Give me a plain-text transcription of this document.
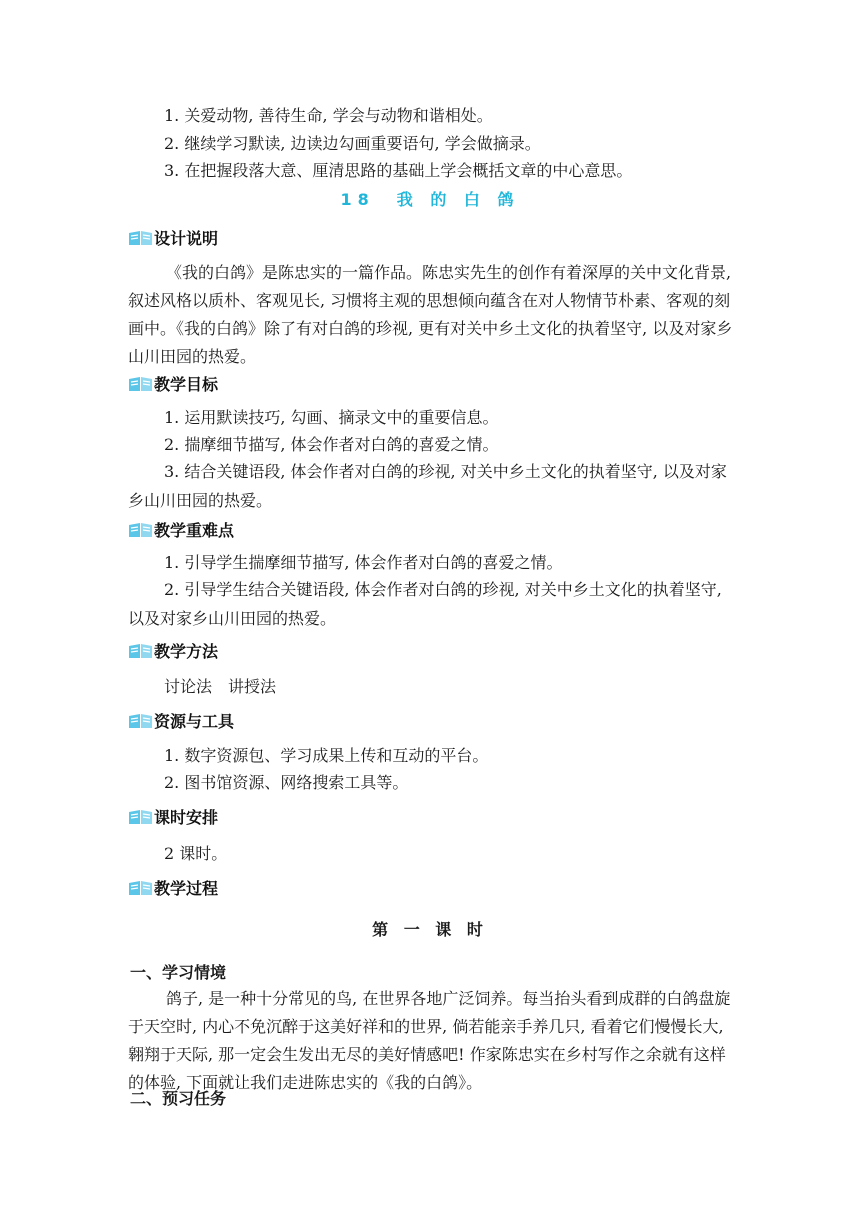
1. 关爱动物, 善待生命, 学会与动物和谐相处。
2. 继续学习默读, 边读边勾画重要语句, 学会做摘录。
3. 在把握段落大意、厘清思路的基础上学会概括文章的中心意思。
18　我 的 白 鸽
设计说明

《我的白鸽》是陈忠实的一篇作品。陈忠实先生的创作有着深厚的关中文化背景, 叙述风格以质朴、客观见长, 习惯将主观的思想倾向蕴含在对人物情节朴素、客观的刻画中。《我的白鸽》除了有对白鸽的珍视, 更有对关中乡土文化的执着坚守, 以及对家乡山川田园的热爱。

教学目标
1. 运用默读技巧, 勾画、摘录文中的重要信息。
2. 揣摩细节描写, 体会作者对白鸽的喜爱之情。
3. 结合关键语段, 体会作者对白鸽的珍视, 对关中乡土文化的执着坚守, 以及对家乡山川田园的热爱。
教学重难点
1. 引导学生揣摩细节描写, 体会作者对白鸽的喜爱之情。
2. 引导学生结合关键语段, 体会作者对白鸽的珍视, 对关中乡土文化的执着坚守, 以及对家乡山川田园的热爱。
教学方法
讨论法　讲授法
资源与工具
1. 数字资源包、学习成果上传和互动的平台。
2. 图书馆资源、网络搜索工具等。
课时安排
2 课时。
教学过程
第 一 课 时
一、学习情境

鸽子, 是一种十分常见的鸟, 在世界各地广泛饲养。每当抬头看到成群的白鸽盘旋于天空时, 内心不免沉醉于这美好祥和的世界, 倘若能亲手养几只, 看着它们慢慢长大, 翱翔于天际, 那一定会生发出无尽的美好情感吧! 作家陈忠实在乡村写作之余就有这样的体验, 下面就让我们走进陈忠实的《我的白鸽》。

二、预习任务
